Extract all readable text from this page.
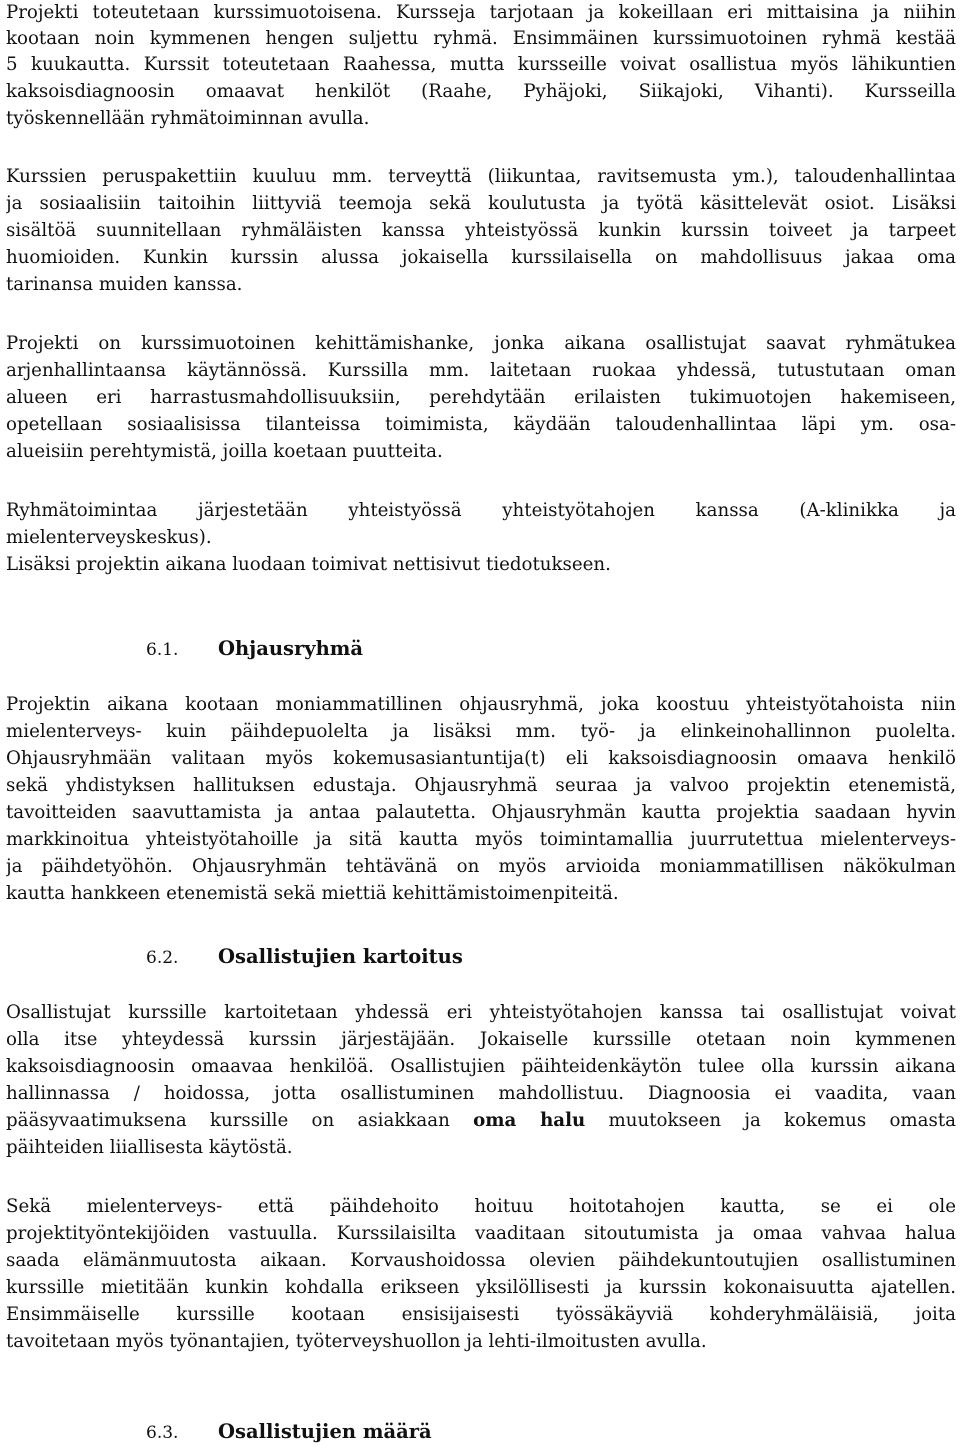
Projekti toteutetaan kurssimuotoisena. Kursseja tarjotaan ja kokeillaan eri mittaisina ja niihin
kootaan noin kymmenen hengen suljettu ryhmä. Ensimmäinen kurssimuotoinen ryhmä kestää
5 kuukautta. Kurssit toteutetaan Raahessa, mutta kursseille voivat osallistua myös lähikuntien
kaksoisdiagnoosin omaavat henkilöt (Raahe, Pyhäjoki, Siikajoki, Vihanti). Kursseilla
työskennellään ryhmätoiminnan avulla.
Kurssien peruspakettiin kuuluu mm. terveyttä (liikuntaa, ravitsemusta ym.), taloudenhallintaa
ja sosiaalisiin taitoihin liittyviä teemoja sekä koulutusta ja työtä käsittelevät osiot. Lisäksi
sisältöä suunnitellaan ryhmäläisten kanssa yhteistyössä kunkin kurssin toiveet ja tarpeet
huomioiden. Kunkin kurssin alussa jokaisella kurssilaisella on mahdollisuus jakaa oma
tarinansa muiden kanssa.
Projekti on kurssimuotoinen kehittämishanke, jonka aikana osallistujat saavat ryhmätukea
arjenhallintaansa käytännössä. Kurssilla mm. laitetaan ruokaa yhdessä, tutustutaan oman
alueen eri harrastusmahdollisuuksiin, perehdytään erilaisten tukimuotojen hakemiseen,
opetellaan sosiaalisissa tilanteissa toimimista, käydään taloudenhallintaa läpi ym. osa-
alueisiin perehtymistä, joilla koetaan puutteita.
Ryhmätoimintaa järjestetään yhteistyössä yhteistyötahojen kanssa (A-klinikka ja
mielenterveyskeskus).
Lisäksi projektin aikana luodaan toimivat nettisivut tiedotukseen.
6.1. Ohjausryhmä
Projektin aikana kootaan moniammatillinen ohjausryhmä, joka koostuu yhteistyötahoista niin
mielenterveys- kuin päihdepuolelta ja lisäksi mm. työ- ja elinkeinohallinnon puolelta.
Ohjausryhmään valitaan myös kokemusasiantuntija(t) eli kaksoisdiagnoosin omaava henkilö
sekä yhdistyksen hallituksen edustaja. Ohjausryhmä seuraa ja valvoo projektin etenemistä,
tavoitteiden saavuttamista ja antaa palautetta. Ohjausryhmän kautta projektia saadaan hyvin
markkinoitua yhteistyötahoille ja sitä kautta myös toimintamallia juurrutettua mielenterveys-
ja päihdetyöhön. Ohjausryhmän tehtävänä on myös arvioida moniammatillisen näkökulman
kautta hankkeen etenemistä sekä miettiä kehittämistoimenpiteitä.
6.2. Osallistujien kartoitus
Osallistujat kurssille kartoitetaan yhdessä eri yhteistyötahojen kanssa tai osallistujat voivat
olla itse yhteydessä kurssin järjestäjään. Jokaiselle kurssille otetaan noin kymmenen
kaksoisdiagnoosin omaavaa henkilöä. Osallistujien päihteidenkäytön tulee olla kurssin aikana
hallinnassa / hoidossa, jotta osallistuminen mahdollistuu. Diagnoosia ei vaadita, vaan
pääsyvaatimuksena kurssille on asiakkaan oma halu muutokseen ja kokemus omasta
päihteiden liiallisesta käytöstä.
Sekä mielenterveys- että päihdehoito hoituu hoitotahojen kautta, se ei ole
projektityöntekijöiden vastuulla. Kurssilaisilta vaaditaan sitoutumista ja omaa vahvaa halua
saada elämänmuutosta aikaan. Korvaushoidossa olevien päihdekuntoutujien osallistuminen
kurssille mietitään kunkin kohdalla erikseen yksilöllisesti ja kurssin kokonaisuutta ajatellen.
Ensimmäiselle kurssille kootaan ensisijaisesti työssäkäyviä kohderyhmäläisiä, joita
tavoitetaan myös työnantajien, työterveyshuollon ja lehti-ilmoitusten avulla.
6.3. Osallistujien määrä
